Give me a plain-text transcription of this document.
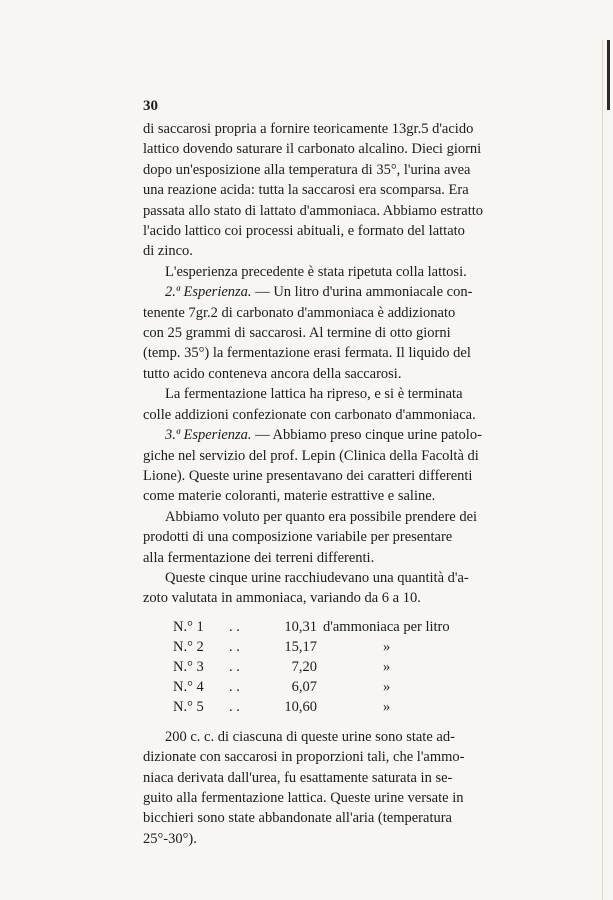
30
di saccarosi propria a fornire teoricamente 13gr.5 d'acido
lattico dovendo saturare il carbonato alcalino. Dieci giorni
dopo un'esposizione alla temperatura di 35°, l'urina avea
una reazione acida: tutta la saccarosi era scomparsa. Era
passata allo stato di lattato d'ammoniaca. Abbiamo estratto
l'acido lattico coi processi abituali, e formato del lattato
di zinco.
L'esperienza precedente è stata ripetuta colla lattosi.
2.ª Esperienza. — Un litro d'urina ammoniacale con-
tenente 7gr.2 di carbonato d'ammoniaca è addizionato
con 25 grammi di saccarosi. Al termine di otto giorni
(temp. 35°) la fermentazione erasi fermata. Il liquido del
tutto acido conteneva ancora della saccarosi.
La fermentazione lattica ha ripreso, e si è terminata
colle addizioni confezionate con carbonato d'ammoniaca.
3.ª Esperienza. — Abbiamo preso cinque urine patolo-
giche nel servizio del prof. Lepin (Clinica della Facoltà di
Lione). Queste urine presentavano dei caratteri differenti
come materie coloranti, materie estrattive e saline.
Abbiamo voluto per quanto era possibile prendere dei
prodotti di una composizione variabile per presentare
alla fermentazione dei terreni differenti.
Queste cinque urine racchiudevano una quantità d'a-
zoto valutata in ammoniaca, variando da 6 a 10.
N.° 1	. .	10,31 d'ammoniaca per litro
N.° 2	. .	15,17	»
N.° 3	. .	7,20	»
N.° 4	. .	6,07	»
N.° 5	. .	10,60	»
200 c. c. di ciascuna di queste urine sono state ad-
dizionate con saccarosi in proporzioni tali, che l'ammo-
niaca derivata dall'urea, fu esattamente saturata in se-
guito alla fermentazione lattica. Queste urine versate in
bicchieri sono state abbandonate all'aria (temperatura
25°-30°).
